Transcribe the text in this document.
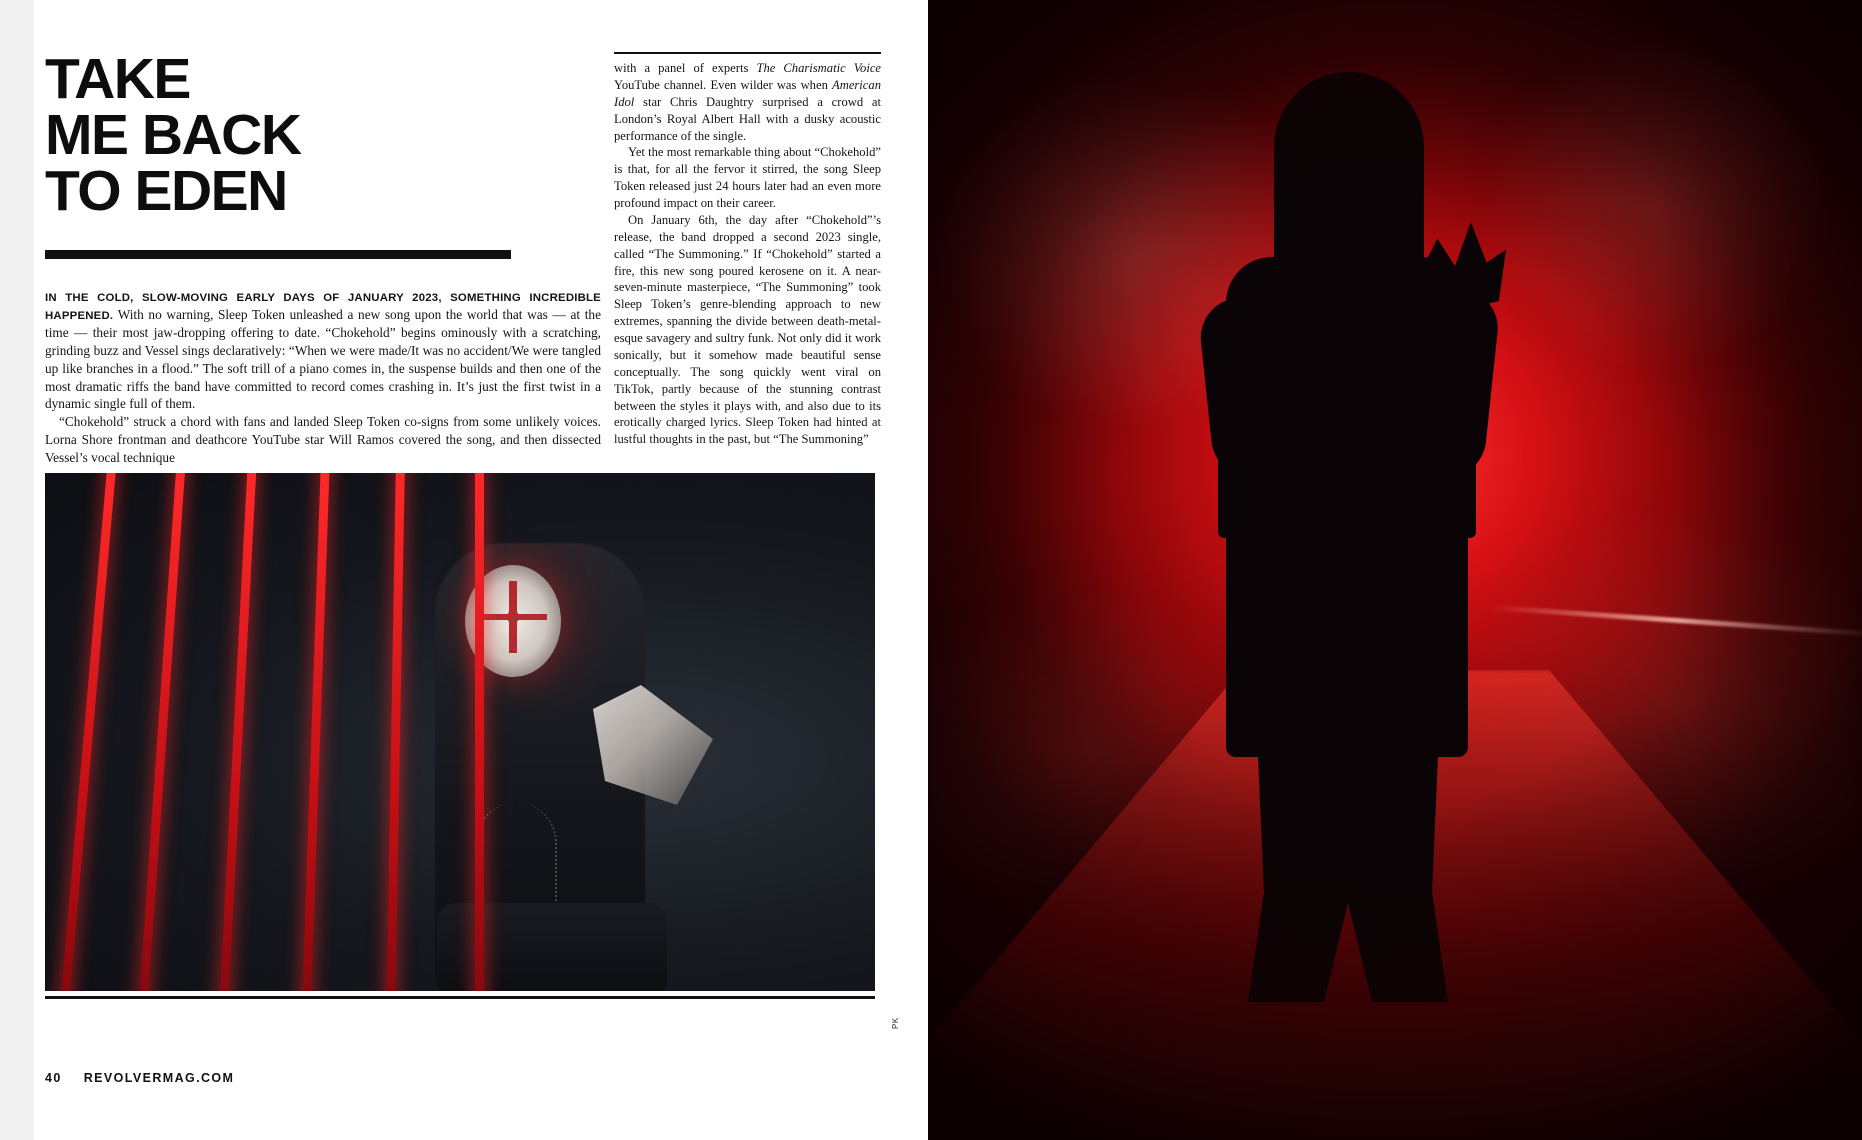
TAKE
ME BACK
TO EDEN

IN THE COLD, SLOW-MOVING EARLY DAYS OF JANUARY 2023, SOMETHING INCREDIBLE HAPPENED. With no warning, Sleep Token unleashed a new song upon the world that was — at the time — their most jaw-dropping offering to date. “Chokehold” begins ominously with a scratching, grinding buzz and Vessel sings declaratively: “When we were made/It was no accident/We were tangled up like branches in a flood.” The soft trill of a piano comes in, the suspense builds and then one of the most dramatic riffs the band have committed to record comes crashing in. It’s just the first twist in a dynamic single full of them.

“Chokehold” struck a chord with fans and landed Sleep Token co-signs from some unlikely voices. Lorna Shore frontman and deathcore YouTube star Will Ramos covered the song, and then dissected Vessel’s vocal technique

with a panel of experts The Charismatic Voice YouTube channel. Even wilder was when American Idol star Chris Daughtry surprised a crowd at London’s Royal Albert Hall with a dusky acoustic performance of the single.

Yet the most remarkable thing about “Chokehold” is that, for all the fervor it stirred, the song Sleep Token released just 24 hours later had an even more profound impact on their career.

On January 6th, the day after “Chokehold”’s release, the band dropped a second 2023 single, called “The Summoning.” If “Chokehold” started a fire, this new song poured kerosene on it. A near-seven-minute masterpiece, “The Summoning” took Sleep Token’s genre-blending approach to new extremes, spanning the divide between death-metal-esque savagery and sultry funk. Not only did it work sonically, but it somehow made beautiful sense conceptually. The song quickly went viral on TikTok, partly because of the stunning contrast between the styles it plays with, and also due to its erotically charged lyrics. Sleep Token had hinted at lustful thoughts in the past, but “The Summoning”

40 REVOLVERMAG.COM
PK
